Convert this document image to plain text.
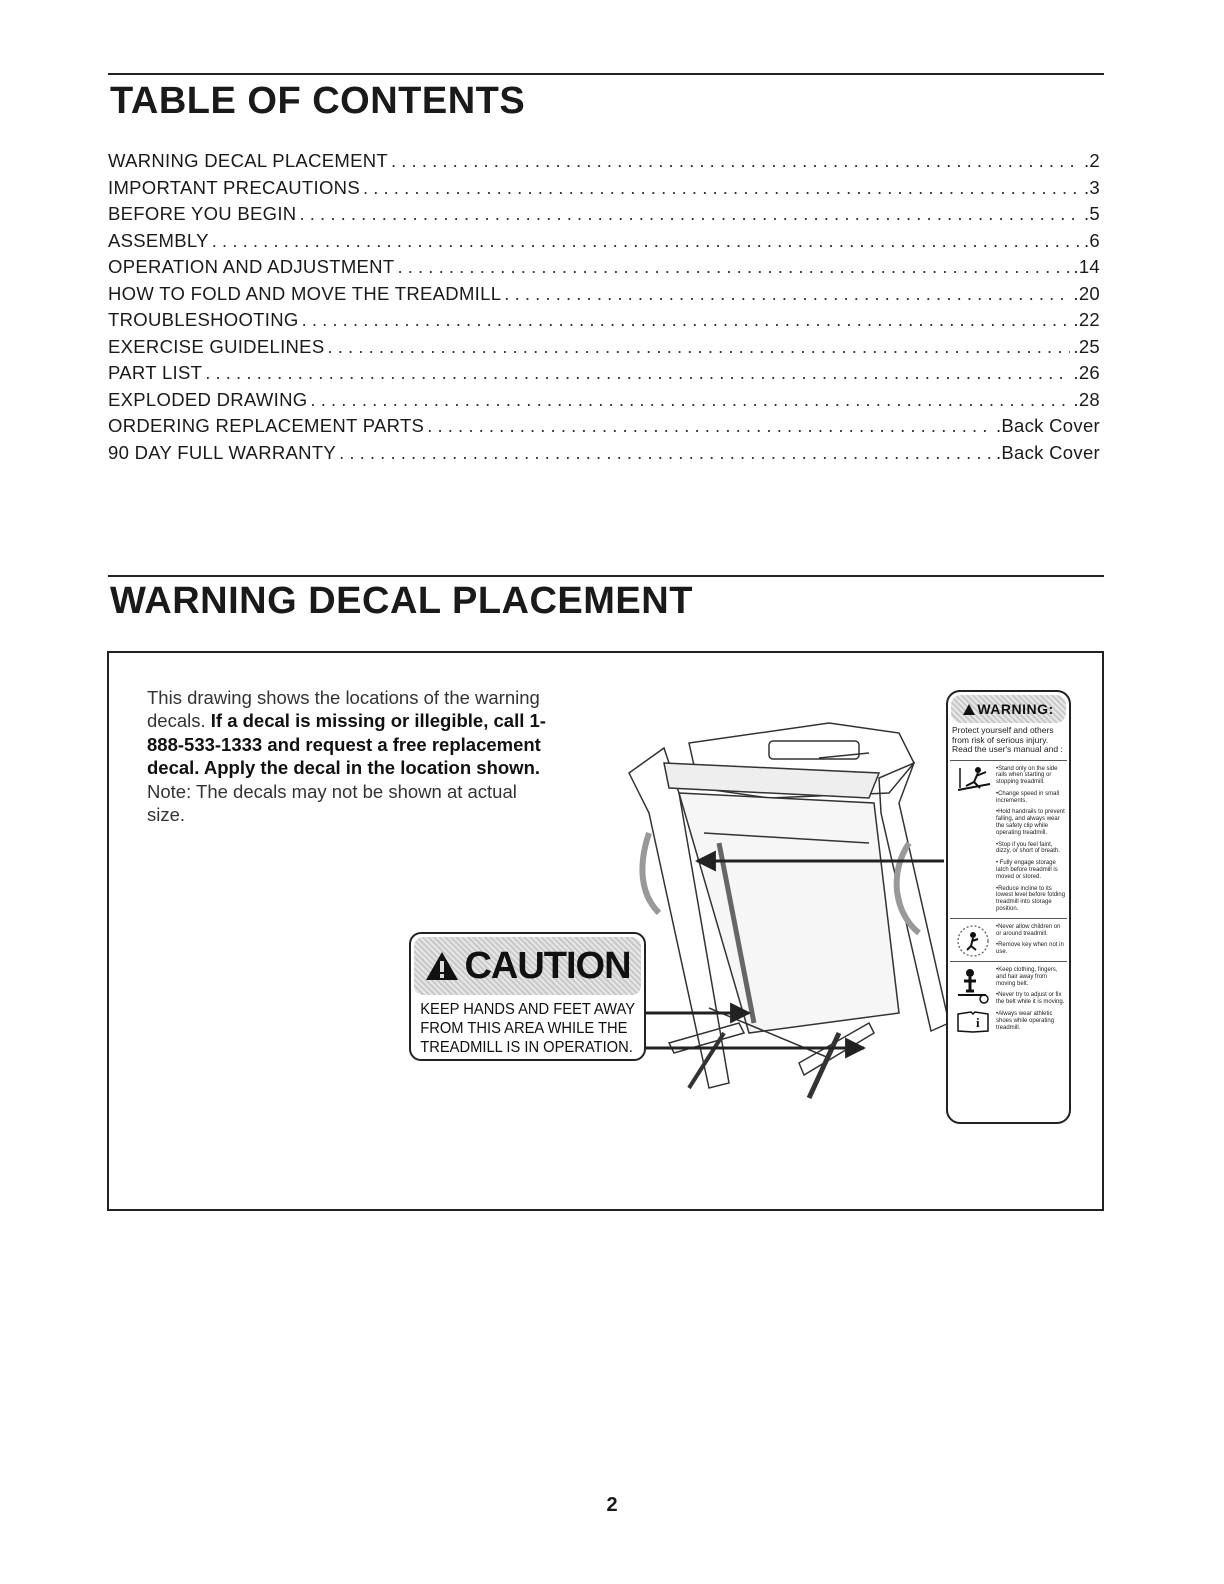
TABLE OF CONTENTS
WARNING DECAL PLACEMENT . . .	.2
IMPORTANT PRECAUTIONS . . .	.3
BEFORE YOU BEGIN . . .	.5
ASSEMBLY . . .	.6
OPERATION AND ADJUSTMENT . . .	.14
HOW TO FOLD AND MOVE THE TREADMILL . . .	.20
TROUBLESHOOTING . . .	.22
EXERCISE GUIDELINES . . .	.25
PART LIST . . .	.26
EXPLODED DRAWING . . .	.28
ORDERING REPLACEMENT PARTS . . .	.Back Cover
90 DAY FULL WARRANTY . . .	.Back Cover
WARNING DECAL PLACEMENT
This drawing shows the locations of the warning decals. If a decal is missing or illegible, call 1-888-533-1333 and request a free replacement decal. Apply the decal in the location shown. Note: The decals may not be shown at actual size.
CAUTION
KEEP HANDS AND FEET AWAY
FROM THIS AREA WHILE THE
TREADMILL IS IN OPERATION.
WARNING:
Protect yourself and others from risk of serious injury. Read the user's manual and :
•Stand only on the side rails when starting or stopping treadmill.
•Change speed in small increments.
•Hold handrails to prevent falling, and always wear the safety clip while operating treadmill.
•Stop if you feel faint, dizzy, or short of breath.
• Fully engage storage latch before treadmill is moved or stored.
•Reduce incline to its lowest level before folding treadmill into storage position.
•Never allow children on or around treadmill.
•Remove key when not in use.
•Keep clothing, fingers, and hair away from moving belt.
•Never try to adjust or fix the belt while it is moving.
i
•Always wear athletic shoes while operating treadmill.
2
